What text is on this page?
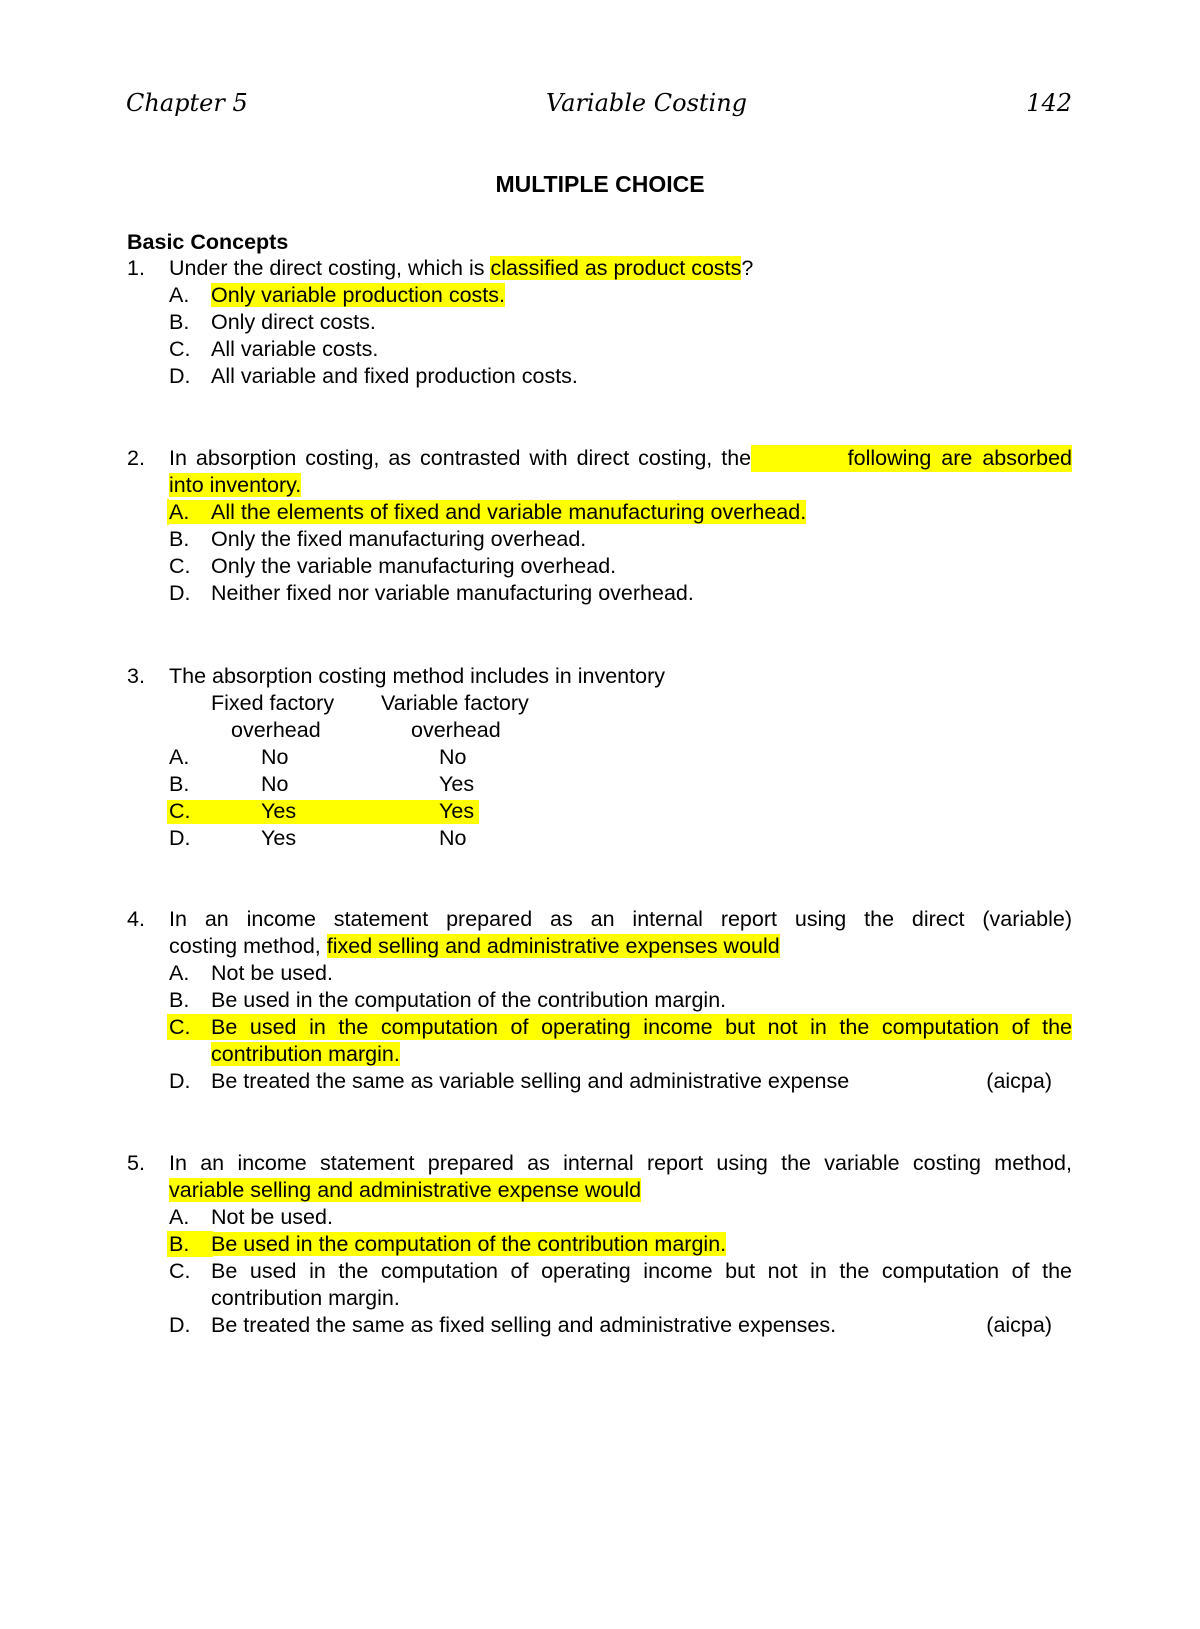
Chapter 5	Variable Costing	142
MULTIPLE CHOICE
Basic Concepts
1. Under the direct costing, which is classified as product costs?
A. Only variable production costs.
B. Only direct costs.
C. All variable costs.
D. All variable and fixed production costs.
2. In absorption costing, as contrasted with direct costing, the	following are absorbed
into inventory.
A.	All the elements of fixed and variable manufacturing overhead.
B. Only the fixed manufacturing overhead.
C. Only the variable manufacturing overhead.
D. Neither fixed nor variable manufacturing overhead.
3. The absorption costing method includes in inventory
Fixed factory Variable factory
overhead	overhead
A.	No	No
B.	No	Yes
C.	Yes	Yes
D.	Yes	No
4. In an income statement prepared as an internal report using the direct (variable)
costing method, fixed selling and administrative expenses would
A. Not be used.
B. Be used in the computation of the contribution margin.
C. Be used in the computation of operating income but not in the computation of the
contribution margin.
D. Be treated the same as variable selling and administrative expense	(aicpa)
5. In an income statement prepared as internal report using the variable costing method,
variable selling and administrative expense would
A. Not be used.
B. Be used in the computation of the contribution margin.
C. Be used in the computation of operating income but not in the computation of the
contribution margin.
D. Be treated the same as fixed selling and administrative expenses.	(aicpa)
